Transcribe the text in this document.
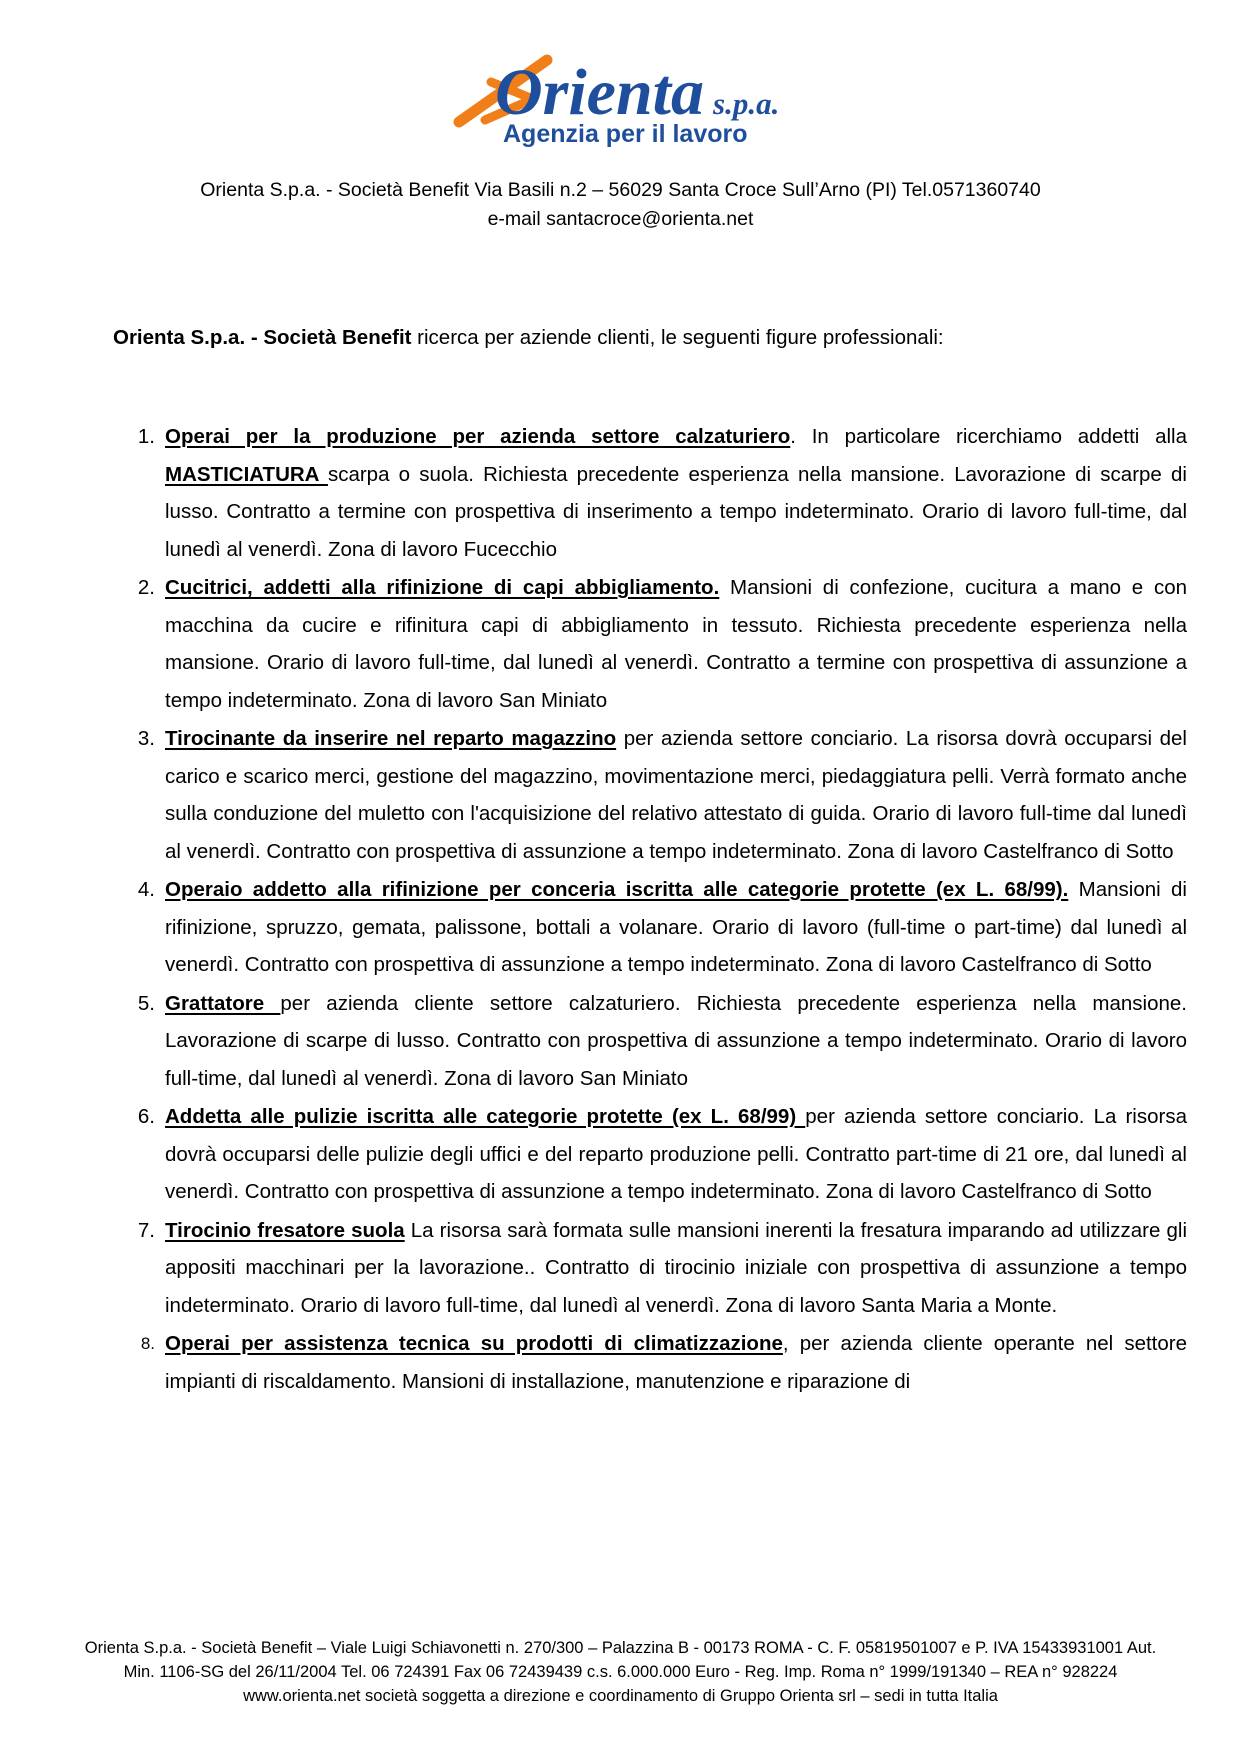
Orienta s.p.a.
Agenzia per il lavoro
Orienta S.p.a. - Società Benefit Via Basili n.2 – 56029 Santa Croce Sull’Arno (PI) Tel.0571360740
e-mail santacroce@orienta.net

Orienta S.p.a. - Società Benefit ricerca per aziende clienti, le seguenti figure professionali:

1. Operai per la produzione per azienda settore calzaturiero. In particolare ricerchiamo addetti alla MASTICIATURA scarpa o suola. Richiesta precedente esperienza nella mansione. Lavorazione di scarpe di lusso. Contratto a termine con prospettiva di inserimento a tempo indeterminato. Orario di lavoro full-time, dal lunedì al venerdì. Zona di lavoro Fucecchio
2. Cucitrici, addetti alla rifinizione di capi abbigliamento. Mansioni di confezione, cucitura a mano e con macchina da cucire e rifinitura capi di abbigliamento in tessuto. Richiesta precedente esperienza nella mansione. Orario di lavoro full-time, dal lunedì al venerdì. Contratto a termine con prospettiva di assunzione a tempo indeterminato. Zona di lavoro San Miniato
3. Tirocinante da inserire nel reparto magazzino per azienda settore conciario. La risorsa dovrà occuparsi del carico e scarico merci, gestione del magazzino, movimentazione merci, piedaggiatura pelli. Verrà formato anche sulla conduzione del muletto con l'acquisizione del relativo attestato di guida. Orario di lavoro full-time dal lunedì al venerdì. Contratto con prospettiva di assunzione a tempo indeterminato. Zona di lavoro Castelfranco di Sotto
4. Operaio addetto alla rifinizione per conceria iscritta alle categorie protette (ex L. 68/99). Mansioni di rifinizione, spruzzo, gemata, palissone, bottali a volanare. Orario di lavoro (full-time o part-time) dal lunedì al venerdì. Contratto con prospettiva di assunzione a tempo indeterminato. Zona di lavoro Castelfranco di Sotto
5. Grattatore per azienda cliente settore calzaturiero. Richiesta precedente esperienza nella mansione. Lavorazione di scarpe di lusso. Contratto con prospettiva di assunzione a tempo indeterminato. Orario di lavoro full-time, dal lunedì al venerdì. Zona di lavoro San Miniato
6. Addetta alle pulizie iscritta alle categorie protette (ex L. 68/99) per azienda settore conciario. La risorsa dovrà occuparsi delle pulizie degli uffici e del reparto produzione pelli. Contratto part-time di 21 ore, dal lunedì al venerdì. Contratto con prospettiva di assunzione a tempo indeterminato. Zona di lavoro Castelfranco di Sotto
7. Tirocinio fresatore suola La risorsa sarà formata sulle mansioni inerenti la fresatura imparando ad utilizzare gli appositi macchinari per la lavorazione.. Contratto di tirocinio iniziale con prospettiva di assunzione a tempo indeterminato. Orario di lavoro full-time, dal lunedì al venerdì. Zona di lavoro Santa Maria a Monte.
8. Operai per assistenza tecnica su prodotti di climatizzazione, per azienda cliente operante nel settore impianti di riscaldamento. Mansioni di installazione, manutenzione e riparazione di
Orienta S.p.a. - Società Benefit – Viale Luigi Schiavonetti n. 270/300 – Palazzina B - 00173 ROMA - C. F. 05819501007 e P. IVA 15433931001 Aut.
Min. 1106-SG del 26/11/2004 Tel. 06 724391 Fax 06 72439439 c.s. 6.000.000 Euro - Reg. Imp. Roma n° 1999/191340 – REA n° 928224
www.orienta.net società soggetta a direzione e coordinamento di Gruppo Orienta srl – sedi in tutta Italia
